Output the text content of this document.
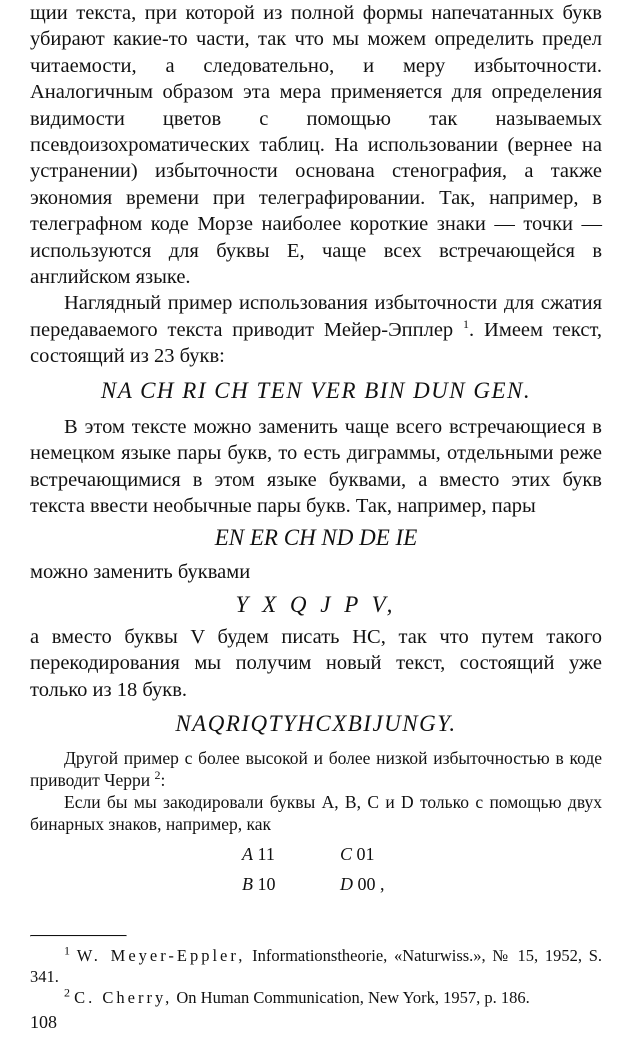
щии текста, при которой из полной формы напечатанных букв убирают какие-то части, так что мы можем определить предел читаемости, а следовательно, и меру избыточности. Аналогичным образом эта мера применяется для определения видимости цветов с помощью так называемых псевдоизохроматических таблиц. На использовании (вернее на устранении) избыточности основана стенография, а также экономия времени при телеграфировании. Так, например, в телеграфном коде Морзе наиболее короткие знаки — точки — используются для буквы E, чаще всех встречающейся в английском языке.

Наглядный пример использования избыточности для сжатия передаваемого текста приводит Мейер-Эпплер $^1$. Имеем текст, состоящий из 23 букв:

NA CH RI CH TEN VER BIN DUN GEN.

В этом тексте можно заменить чаще всего встречающиеся в немецком языке пары букв, то есть диграммы, отдельными реже встречающимися в этом языке буквами, а вместо этих букв текста ввести необычные пары букв. Так, например, пары

EN ER CH ND DE IE

можно заменить буквами

Y X Q J P V,

а вместо буквы V будем писать HC, так что путем такого перекодирования мы получим новый текст, состоящий уже только из 18 букв.

NAQRIQTYHCXBIJUNGY.

Другой пример с более высокой и более низкой избыточностью в коде приводит Черри $^2$:

Если бы мы закодировали буквы A, B, C и D только с помощью двух бинарных знаков, например, как

A 11	C 01
B 10	D 00 ,

$^1$ W. Meyer-Eppler, Informationstheorie, «Naturwiss.», № 15, 1952, S. 341.

$^2$ C. Cherry, On Human Communication, New York, 1957, p. 186.

108
